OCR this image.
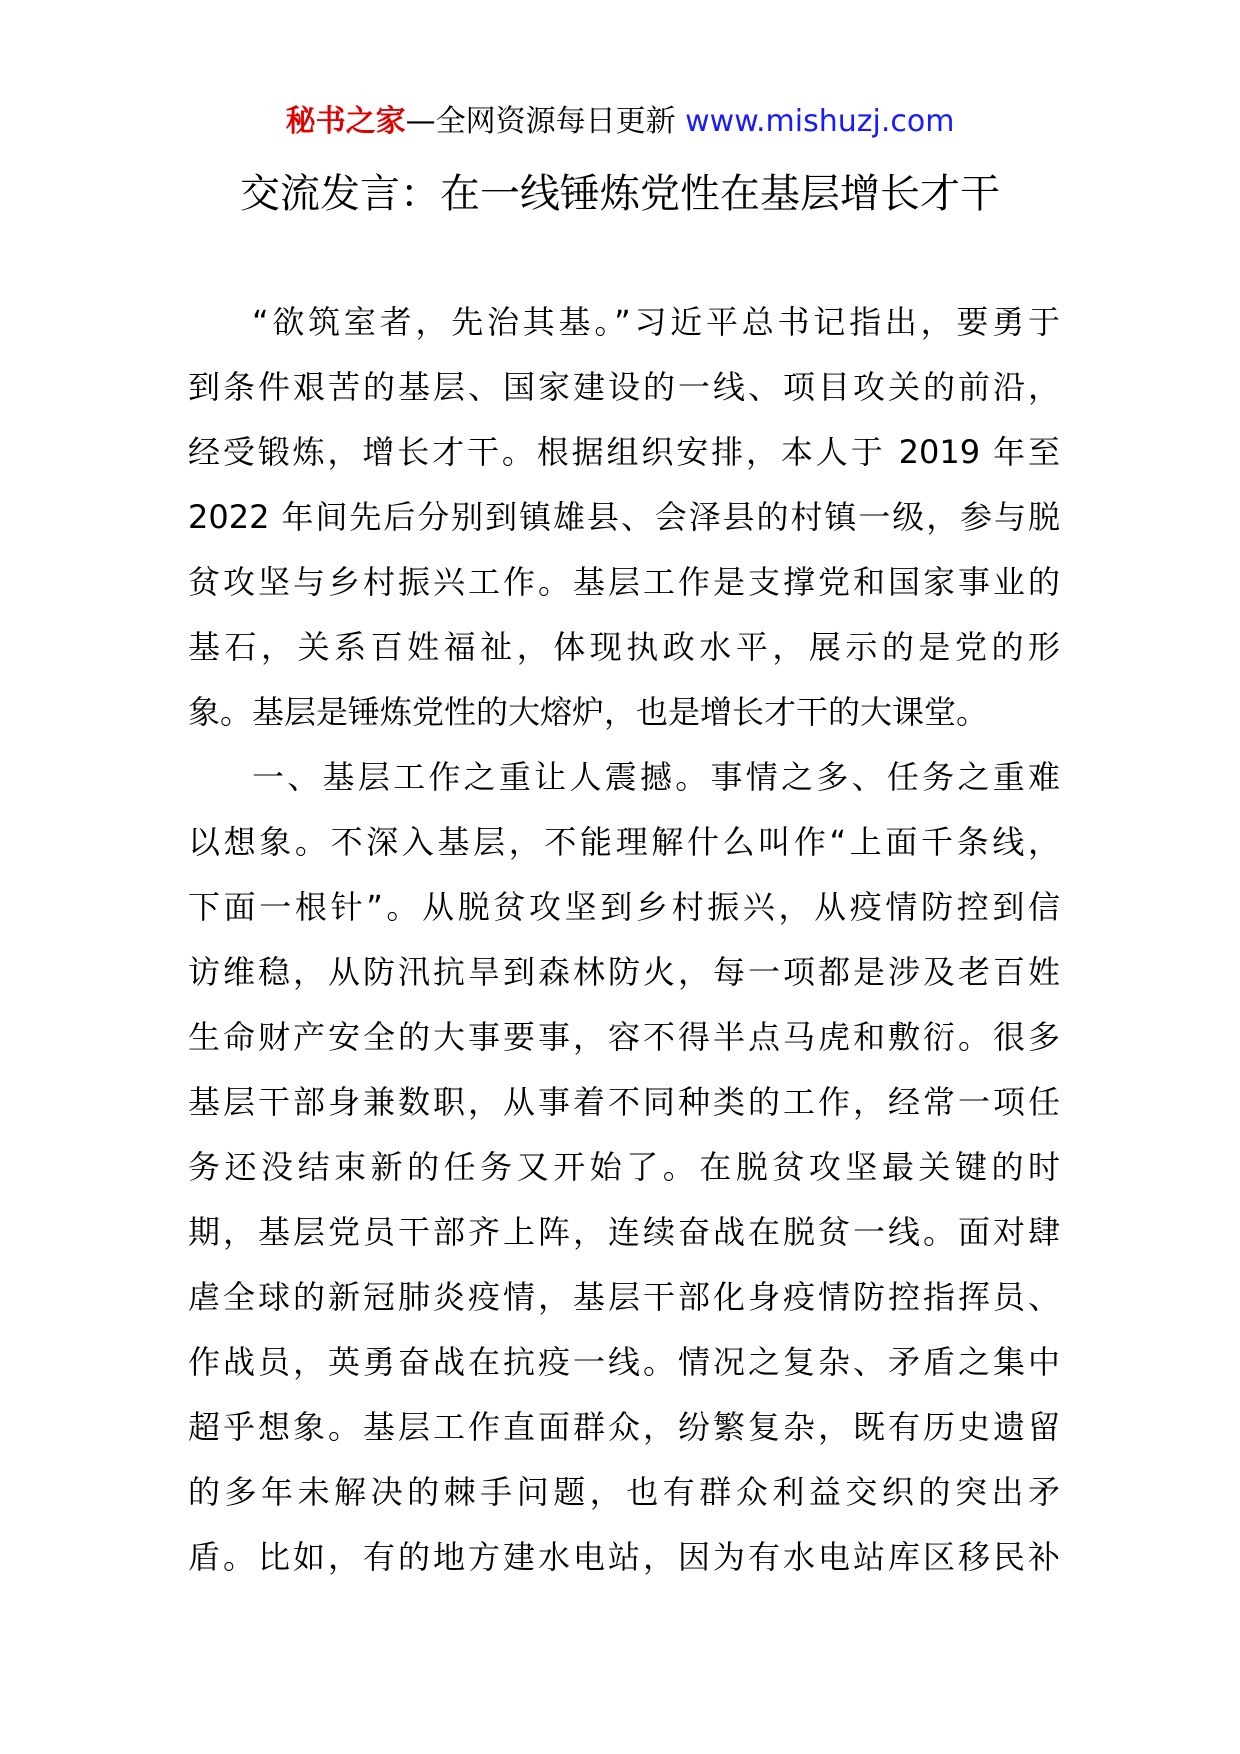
秘书之家—全网资源每日更新 www.mishuzj.com
交流发言：在一线锤炼党性在基层增长才干
“欲筑室者，先治其基。”习近平总书记指出，要勇于
到条件艰苦的基层、国家建设的一线、项目攻关的前沿，
经受锻炼，增长才干。根据组织安排，本人于 2019 年至
2022 年间先后分别到镇雄县、会泽县的村镇一级，参与脱
贫攻坚与乡村振兴工作。基层工作是支撑党和国家事业的
基石，关系百姓福祉，体现执政水平，展示的是党的形
象。基层是锤炼党性的大熔炉，也是增长才干的大课堂。
一、基层工作之重让人震撼。事情之多、任务之重难
以想象。不深入基层，不能理解什么叫作“上面千条线，
下面一根针”。从脱贫攻坚到乡村振兴，从疫情防控到信
访维稳，从防汛抗旱到森林防火，每一项都是涉及老百姓
生命财产安全的大事要事，容不得半点马虎和敷衍。很多
基层干部身兼数职，从事着不同种类的工作，经常一项任
务还没结束新的任务又开始了。在脱贫攻坚最关键的时
期，基层党员干部齐上阵，连续奋战在脱贫一线。面对肆
虐全球的新冠肺炎疫情，基层干部化身疫情防控指挥员、
作战员，英勇奋战在抗疫一线。情况之复杂、矛盾之集中
超乎想象。基层工作直面群众，纷繁复杂，既有历史遗留
的多年未解决的棘手问题，也有群众利益交织的突出矛
盾。比如，有的地方建水电站，因为有水电站库区移民补
